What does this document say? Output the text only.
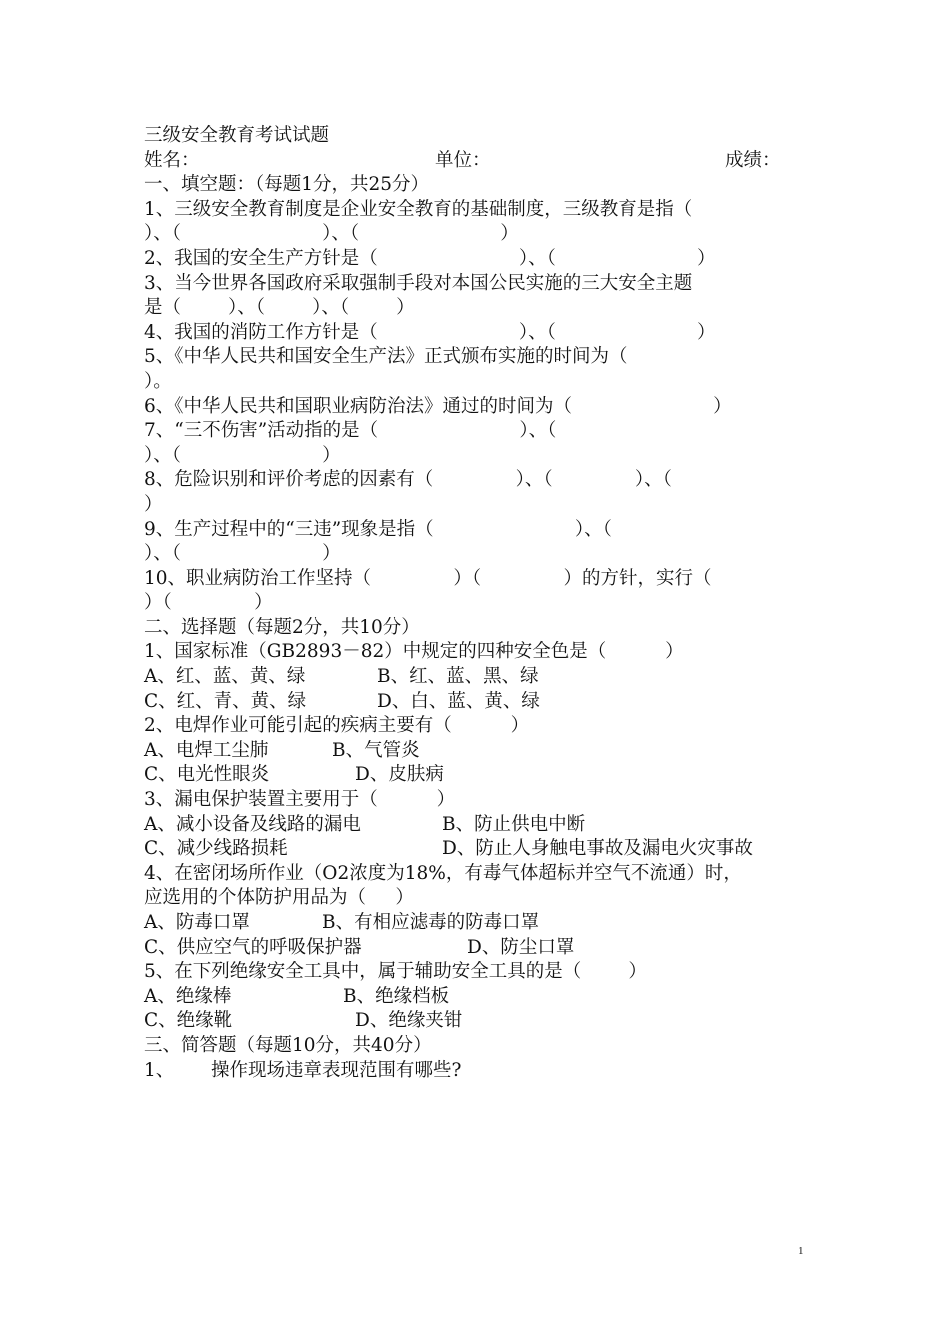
三级安全教育考试试题

姓名：

	单位：

	成绩：

一、填空题：（每题1分，共25分）
1、三级安全教育制度是企业安全教育的基础制度，三级教育是指（
）、（                        ）、（                        ）
2、我国的安全生产方针是（                        ）、（                        ）
3、当今世界各国政府采取强制手段对本国公民实施的三大安全主题
是（        ）、（        ）、（        ）
4、我国的消防工作方针是（                        ）、（                        ）
5、《中华人民共和国安全生产法》正式颁布实施的时间为（
）。
6、《中华人民共和国职业病防治法》通过的时间为（                        ）
7、“三不伤害”活动指的是（                        ）、（
）、（                        ）
8、危险识别和评价考虑的因素有（              ）、（              ）、（
）
9、生产过程中的“三违”现象是指（                        ）、（
）、（                        ）
10、职业病防治工作坚持（              ）（              ）的方针，实行（
）（              ）
二、选择题（每题2分，共10分）
1、国家标准（GB2893－82）中规定的四种安全色是（          ）

A、红、蓝、黄、绿

	B、红、蓝、黑、绿

C、红、青、黄、绿

	D、白、蓝、黄、绿

2、电焊作业可能引起的疾病主要有（          ）

A、电焊工尘肺

	B、气管炎

C、电光性眼炎

	D、皮肤病

3、漏电保护装置主要用于（          ）

A、减小设备及线路的漏电

	B、防止供电中断

C、减少线路损耗

	D、防止人身触电事故及漏电火灾事故

4、在密闭场所作业（O2浓度为18%，有毒气体超标并空气不流通）时，
应选用的个体防护用品为（     ）

A、防毒口罩

	B、有相应滤毒的防毒口罩

C、供应空气的呼吸保护器

	D、防尘口罩

5、在下列绝缘安全工具中，属于辅助安全工具的是（        ）

A、绝缘棒

	B、绝缘档板

C、绝缘靴

	D、绝缘夹钳

三、简答题（每题10分，共40分）

1、

操作现场违章表现范围有哪些?

1
